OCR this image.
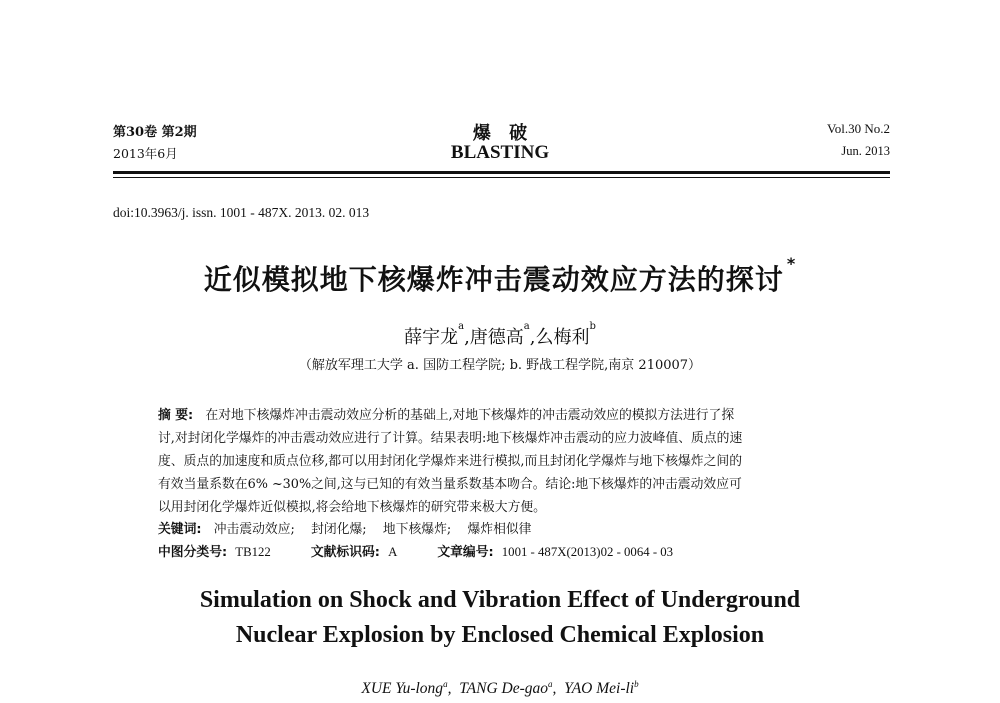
第30卷 第2期
2013年6月
爆 破
BLASTING
Vol.30 No.2
Jun. 2013
doi:10.3963/j. issn. 1001 - 487X. 2013. 02. 013
近似模拟地下核爆炸冲击震动效应方法的探讨 *
薛宇龙$^a$,唐德高$^a$,么梅利$^b$
（解放军理工大学 a. 国防工程学院; b. 野战工程学院,南京 210007）
摘 要: 在对地下核爆炸冲击震动效应分析的基础上,对地下核爆炸的冲击震动效应的模拟方法进行了探
讨,对封闭化学爆炸的冲击震动效应进行了计算。结果表明:地下核爆炸冲击震动的应力波峰值、质点的速
度、质点的加速度和质点位移,都可以用封闭化学爆炸来进行模拟,而且封闭化学爆炸与地下核爆炸之间的
有效当量系数在6% ~30%之间,这与已知的有效当量系数基本吻合。结论:地下核爆炸的冲击震动效应可
以用封闭化学爆炸近似模拟,将会给地下核爆炸的研究带来极大方便。
关键词: 冲击震动效应; 封闭化爆; 地下核爆炸; 爆炸相似律
中图分类号: TB122	文献标识码: A	文章编号: 1001 - 487X(2013)02 - 0064 - 03
Simulation on Shock and Vibration Effect of Underground
Nuclear Explosion by Enclosed Chemical Explosion
XUE Yu-long$^a$,  TANG De-gao$^a$,  YAO Mei-$li^b$
